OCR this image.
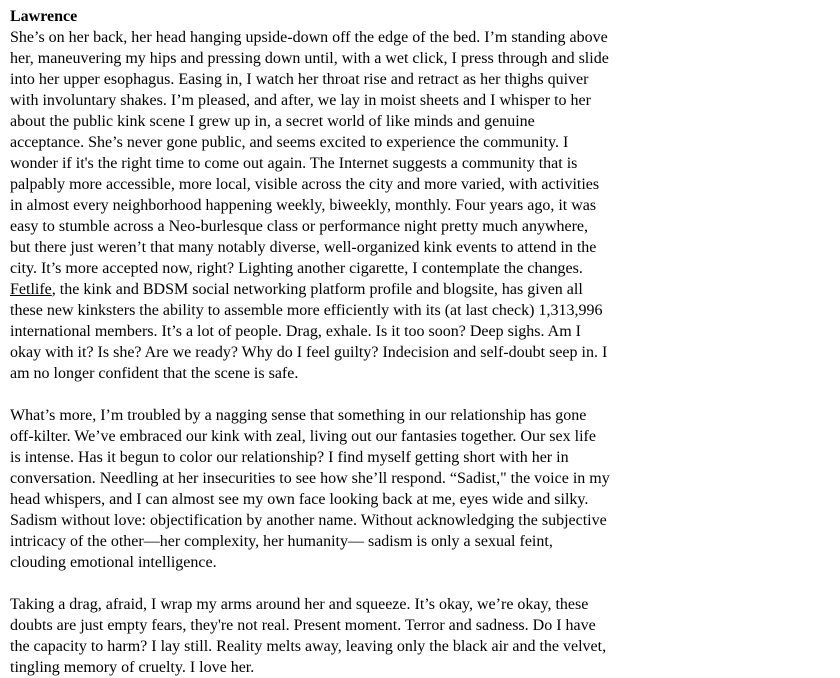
Lawrence

She’s on her back, her head hanging upside-down off the edge of the bed. I’m standing above her, maneuvering my hips and pressing down until, with a wet click, I press through and slide into her upper esophagus. Easing in, I watch her throat rise and retract as her thighs quiver with involuntary shakes. I’m pleased, and after, we lay in moist sheets and I whisper to her about the public kink scene I grew up in, a secret world of like minds and genuine acceptance. She’s never gone public, and seems excited to experience the community. I wonder if it's the right time to come out again. The Internet suggests a community that is palpably more accessible, more local, visible across the city and more varied, with activities in almost every neighborhood happening weekly, biweekly, monthly. Four years ago, it was easy to stumble across a Neo-burlesque class or performance night pretty much anywhere, but there just weren’t that many notably diverse, well-organized kink events to attend in the city. It’s more accepted now, right? Lighting another cigarette, I contemplate the changes. Fetlife, the kink and BDSM social networking platform profile and blogsite, has given all these new kinksters the ability to assemble more efficiently with its (at last check) 1,313,996 international members. It’s a lot of people. Drag, exhale. Is it too soon? Deep sighs. Am I okay with it? Is she? Are we ready? Why do I feel guilty? Indecision and self-doubt seep in. I am no longer confident that the scene is safe.

What’s more, I’m troubled by a nagging sense that something in our relationship has gone off-kilter. We’ve embraced our kink with zeal, living out our fantasies together. Our sex life is intense. Has it begun to color our relationship? I find myself getting short with her in conversation. Needling at her insecurities to see how she’ll respond. “Sadist," the voice in my head whispers, and I can almost see my own face looking back at me, eyes wide and silky. Sadism without love: objectification by another name. Without acknowledging the subjective intricacy of the other—her complexity, her humanity— sadism is only a sexual feint, clouding emotional intelligence.

Taking a drag, afraid, I wrap my arms around her and squeeze. It’s okay, we’re okay, these doubts are just empty fears, they're not real. Present moment. Terror and sadness. Do I have the capacity to harm? I lay still. Reality melts away, leaving only the black air and the velvet, tingling memory of cruelty. I love her.
